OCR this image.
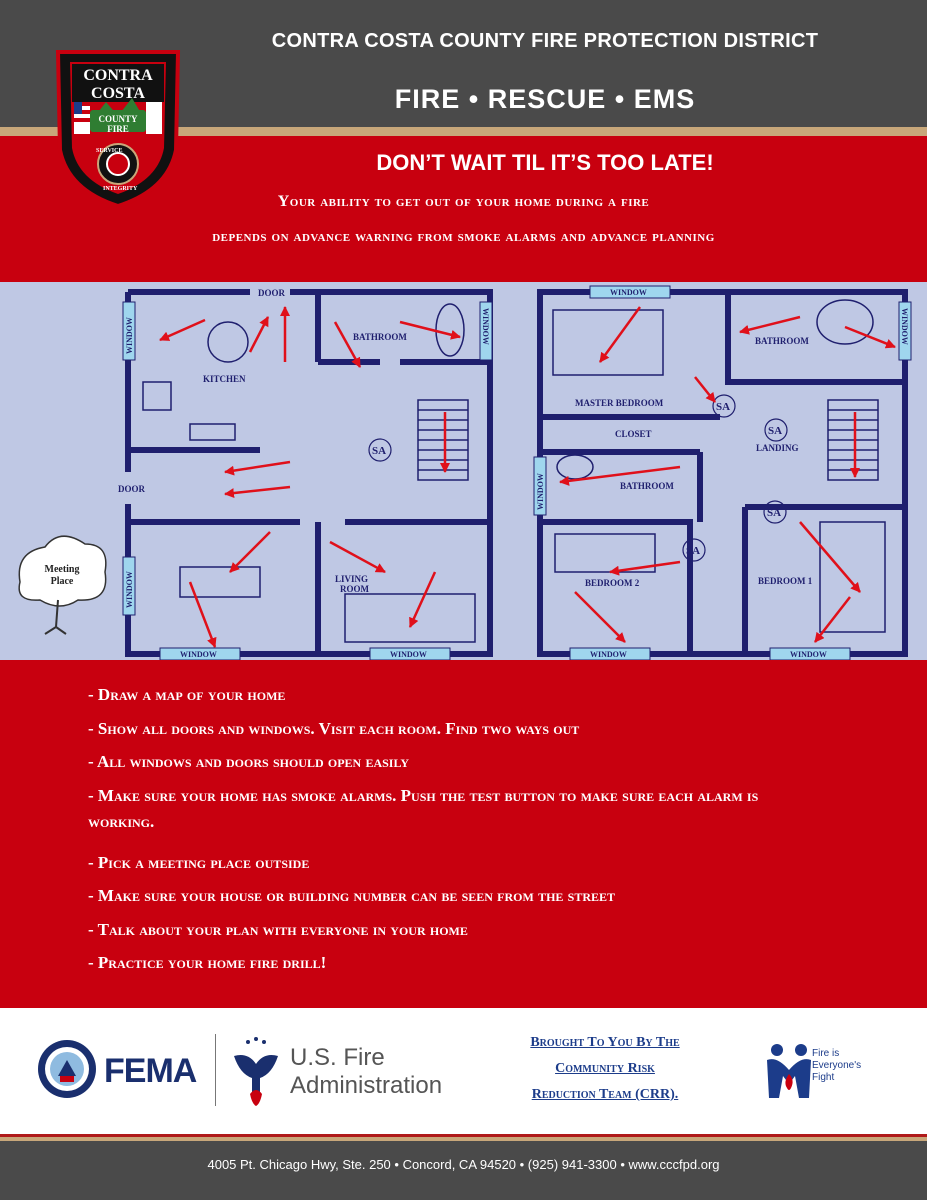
CONTRA COSTA COUNTY FIRE PROTECTION DISTRICT
FIRE • RESCUE • EMS
CONTRA
COSTA
COUNTY
FIRE
SERVICE
INTEGRITY
DON’T WAIT TIL IT’S TOO LATE!
Your ability to get out of your home during a fire
depends on advance warning from smoke alarms and advance planning
WINDOW
WINDOW
WINDOW	WINDOW
WINDOW
WINDOW
WINDOW
WINDOW
WINDOW	WINDOW
DOOR
KITCHEN
BATHROOM
SA
DOOR
LIVING
ROOM
MASTER BEDROOM
CLOSET
BATHROOM
BATHROOM
SA
SA
LANDING
SA
SA
BEDROOM 2	BEDROOM 1
Meeting
Place
- Draw a map of your home
- Show all doors and windows. Visit each room. Find two ways out
- All windows and doors should open easily
- Make sure your home has smoke alarms. Push the test button to make sure each alarm is working.
- Pick a meeting place outside
- Make sure your house or building number can be seen from the street
- Talk about your plan with everyone in your home
- Practice your home fire drill!
FEMA	U.S. Fire
Administration
Brought To You By The
Community Risk
Reduction Team (CRR).
Fire is
Everyone's
Fight
4005 Pt. Chicago Hwy, Ste. 250 • Concord, CA 94520 • (925) 941-3300 • www.cccfpd.org
